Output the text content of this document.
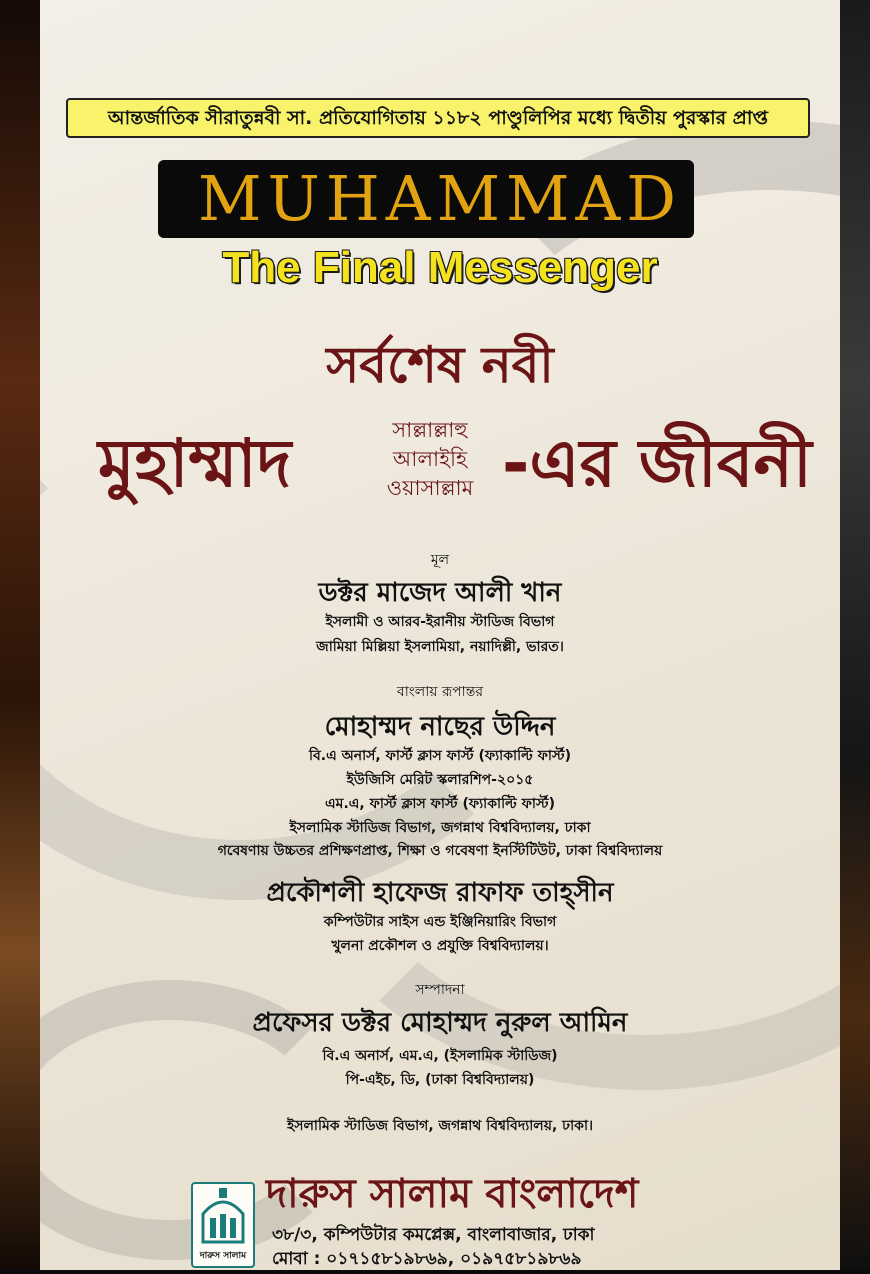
আন্তর্জাতিক সীরাতুন্নবী সা. প্রতিযোগিতায় ১১৮২ পাণ্ডুলিপির মধ্যে দ্বিতীয় পুরস্কার প্রাপ্ত
MUHAMMAD
The Final Messenger
সর্বশেষ নবী
মুহাম্মাদ	সাল্লাল্লাহু
আলাইহি
ওয়াসাল্লাম -এর জীবনী
মূল
ডক্টর মাজেদ আলী খান
ইসলামী ও আরব-ইরানীয় স্টাডিজ বিভাগ
জামিয়া মিল্লিয়া ইসলামিয়া, নয়াদিল্লী, ভারত।
বাংলায় রূপান্তর
মোহাম্মদ নাছের উদ্দিন
বি.এ অনার্স, ফার্স্ট ক্লাস ফার্স্ট (ফ্যাকাল্টি ফার্স্ট)
ইউজিসি মেরিট স্কলারশিপ-২০১৫
এম.এ, ফার্স্ট ক্লাস ফার্স্ট (ফ্যাকাল্টি ফার্স্ট)
ইসলামিক স্টাডিজ বিভাগ, জগন্নাথ বিশ্ববিদ্যালয়, ঢাকা
গবেষণায় উচ্চতর প্রশিক্ষণপ্রাপ্ত, শিক্ষা ও গবেষণা ইনস্টিটিউট, ঢাকা বিশ্ববিদ্যালয়
প্রকৌশলী হাফেজ রাফাফ তাহ্সীন
কম্পিউটার সাইস এন্ড ইঞ্জিনিয়ারিং বিভাগ
খুলনা প্রকৌশল ও প্রযুক্তি বিশ্ববিদ্যালয়।
সম্পাদনা
প্রফেসর ডক্টর মোহাম্মদ নুরুল আমিন
বি.এ অনার্স, এম.এ, (ইসলামিক স্টাডিজ)
পি-এইচ, ডি, (ঢাকা বিশ্ববিদ্যালয়)
ইসলামিক স্টাডিজ বিভাগ, জগন্নাথ বিশ্ববিদ্যালয়, ঢাকা।
দারুস সালাম
দারুস সালাম বাংলাদেশ
৩৮/৩, কম্পিউটার কমপ্লেক্স, বাংলাবাজার, ঢাকা
মোবা : ০১৭১৫৮১৯৮৬৯, ০১৯৭৫৮১৯৮৬৯
